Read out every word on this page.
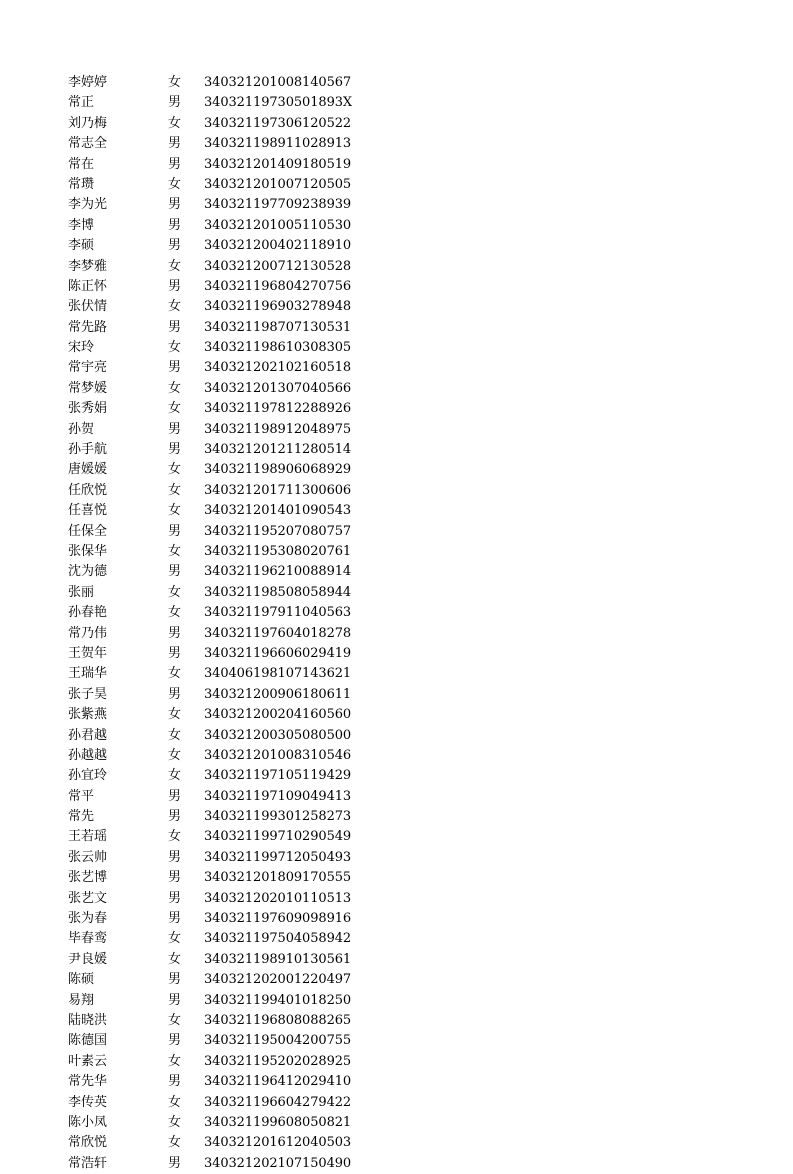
李婷婷	女 340321201008140567
常正	男 34032119730501893X
刘乃梅	女 340321197306120522
常志全	男 340321198911028913
常在	男 340321201409180519
常瓒	女 340321201007120505
李为光	男 340321197709238939
李博	男 340321201005110530
李硕	男 340321200402118910
李梦雅	女 340321200712130528
陈正怀	男 340321196804270756
张伏情	女 340321196903278948
常先路	男 340321198707130531
宋玲	女 340321198610308305
常宇亮	男 340321202102160518
常梦媛	女 340321201307040566
张秀娟	女 340321197812288926
孙贺	男 340321198912048975
孙手航	男 340321201211280514
唐媛媛	女 340321198906068929
任欣悦	女 340321201711300606
任喜悦	女 340321201401090543
任保全	男 340321195207080757
张保华	女 340321195308020761
沈为德	男 340321196210088914
张丽	女 340321198508058944
孙春艳	女 340321197911040563
常乃伟	男 340321197604018278
王贺年	男 340321196606029419
王瑞华	女 340406198107143621
张子昊	男 340321200906180611
张紫燕	女 340321200204160560
孙君越	女 340321200305080500
孙越越	女 340321201008310546
孙宜玲	女 340321197105119429
常平	男 340321197109049413
常先	男 340321199301258273
王若瑶	女 340321199710290549
张云帅	男 340321199712050493
张艺博	男 340321201809170555
张艺文	男 340321202010110513
张为春	男 340321197609098916
毕春鸾	女 340321197504058942
尹良媛	女 340321198910130561
陈硕	男 340321202001220497
易翔	男 340321199401018250
陆晓洪	女 340321196808088265
陈德国	男 340321195004200755
叶素云	女 340321195202028925
常先华	男 340321196412029410
李传英	女 340321196604279422
陈小凤	女 340321199608050821
常欣悦	女 340321201612040503
常浩轩	男 340321202107150490
